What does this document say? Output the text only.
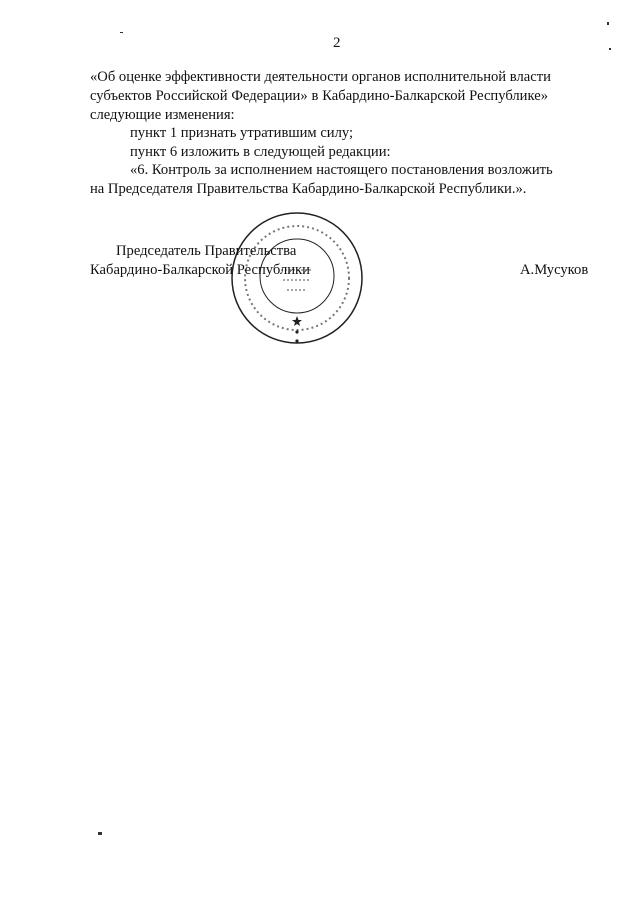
2
«Об оценке эффективности деятельности органов исполнительной власти
субъектов Российской Федерации» в Кабардино-Балкарской Республике»
следующие изменения:
пункт 1 признать утратившим силу;
пункт 6 изложить в следующей редакции:
«6. Контроль за исполнением настоящего постановления возложить
на Председателя Правительства Кабардино-Балкарской Республики.».
Председатель Правительства
Кабардино-Балкарской Республики	А.Мусуков
